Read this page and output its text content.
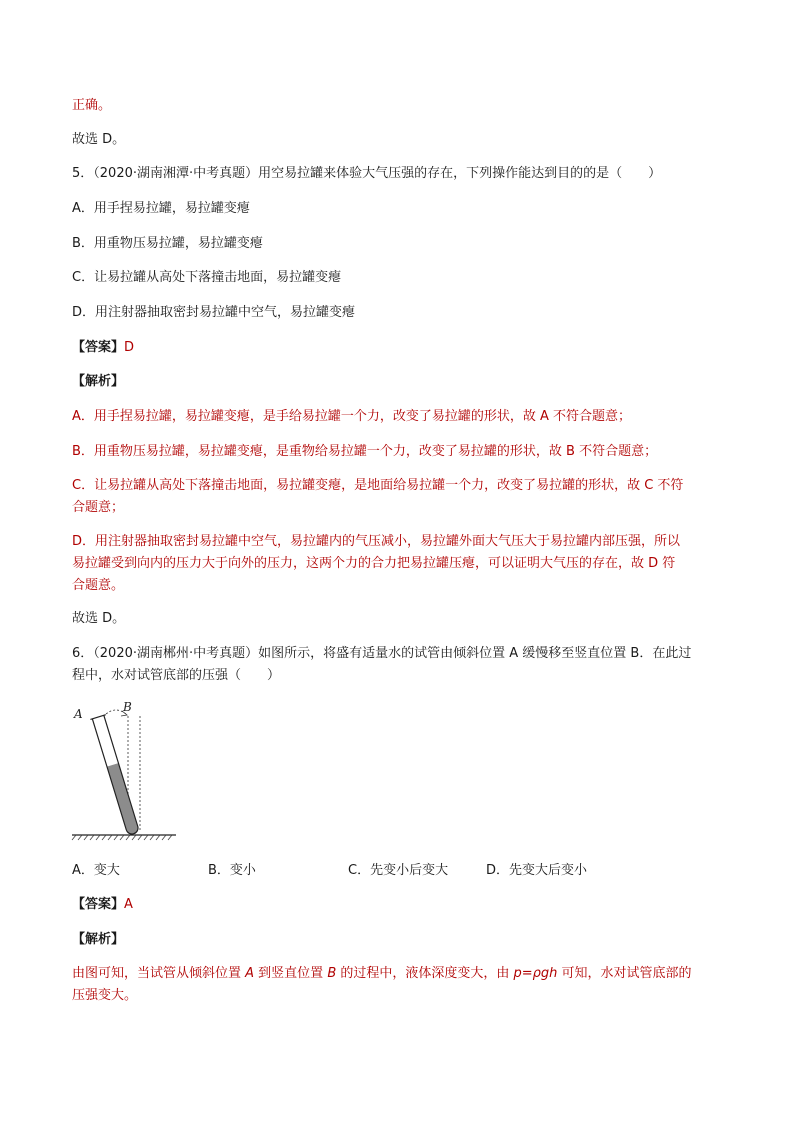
正确。
故选 D。
5．（2020·湖南湘潭·中考真题）用空易拉罐来体验大气压强的存在，下列操作能达到目的的是（　　）
A．用手捏易拉罐，易拉罐变瘪
B．用重物压易拉罐，易拉罐变瘪
C．让易拉罐从高处下落撞击地面，易拉罐变瘪
D．用注射器抽取密封易拉罐中空气，易拉罐变瘪
【答案】D
【解析】
A．用手捏易拉罐，易拉罐变瘪，是手给易拉罐一个力，改变了易拉罐的形状，故 A 不符合题意；
B．用重物压易拉罐，易拉罐变瘪，是重物给易拉罐一个力，改变了易拉罐的形状，故 B 不符合题意；
C．让易拉罐从高处下落撞击地面，易拉罐变瘪，是地面给易拉罐一个力，改变了易拉罐的形状，故 C 不符
合题意；
D．用注射器抽取密封易拉罐中空气，易拉罐内的气压减小，易拉罐外面大气压大于易拉罐内部压强，所以
易拉罐受到向内的压力大于向外的压力，这两个力的合力把易拉罐压瘪，可以证明大气压的存在，故 D 符
合题意。
故选 D。
6．（2020·湖南郴州·中考真题）如图所示，将盛有适量水的试管由倾斜位置 A 缓慢移至竖直位置 B．在此过
程中，水对试管底部的压强（　　）
A	B
A．变大	B．变小	C．先变小后变大	D．先变大后变小
【答案】A
【解析】
由图可知，当试管从倾斜位置 A 到竖直位置 B 的过程中，液体深度变大，由 p=ρgh 可知，水对试管底部的
压强变大。
